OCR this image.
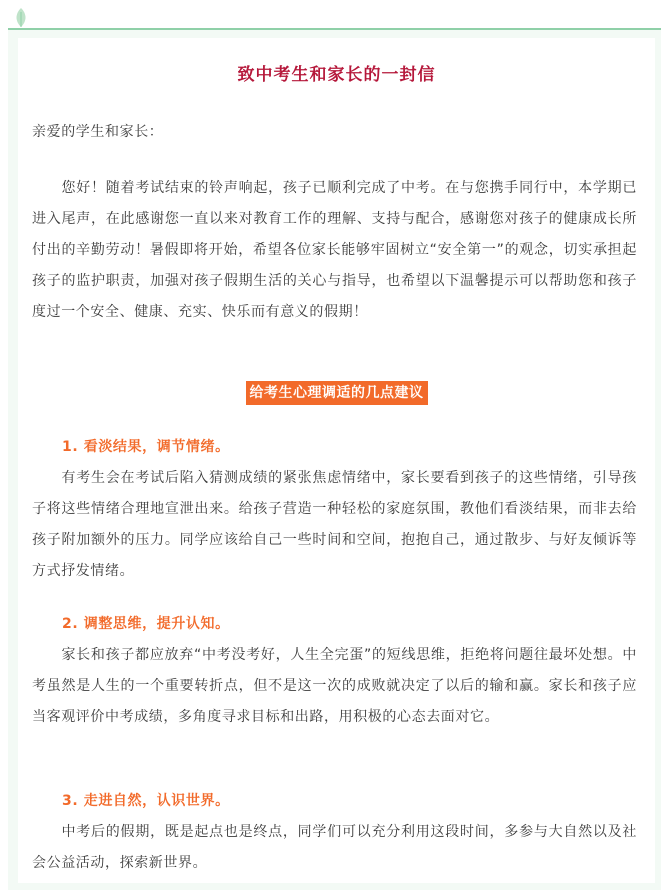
致中考生和家长的一封信
亲爱的学生和家长：
　　您好！随着考试结束的铃声响起，孩子已顺利完成了中考。在与您携手同行中，本学期已进入尾声，在此感谢您一直以来对教育工作的理解、支持与配合，感谢您对孩子的健康成长所付出的辛勤劳动！暑假即将开始，希望各位家长能够牢固树立“安全第一”的观念，切实承担起孩子的监护职责，加强对孩子假期生活的关心与指导，也希望以下温馨提示可以帮助您和孩子度过一个安全、健康、充实、快乐而有意义的假期！
给考生心理调适的几点建议
1. 看淡结果，调节情绪。
　　有考生会在考试后陷入猜测成绩的紧张焦虑情绪中，家长要看到孩子的这些情绪，引导孩子将这些情绪合理地宣泄出来。给孩子营造一种轻松的家庭氛围，教他们看淡结果，而非去给孩子附加额外的压力。同学应该给自己一些时间和空间，抱抱自己，通过散步、与好友倾诉等方式抒发情绪。
2. 调整思维，提升认知。
　　家长和孩子都应放弃“中考没考好，人生全完蛋”的短线思维，拒绝将问题往最坏处想。中考虽然是人生的一个重要转折点，但不是这一次的成败就决定了以后的输和赢。家长和孩子应当客观评价中考成绩，多角度寻求目标和出路，用积极的心态去面对它。
3. 走进自然，认识世界。
　　中考后的假期，既是起点也是终点，同学们可以充分利用这段时间，多参与大自然以及社会公益活动，探索新世界。
